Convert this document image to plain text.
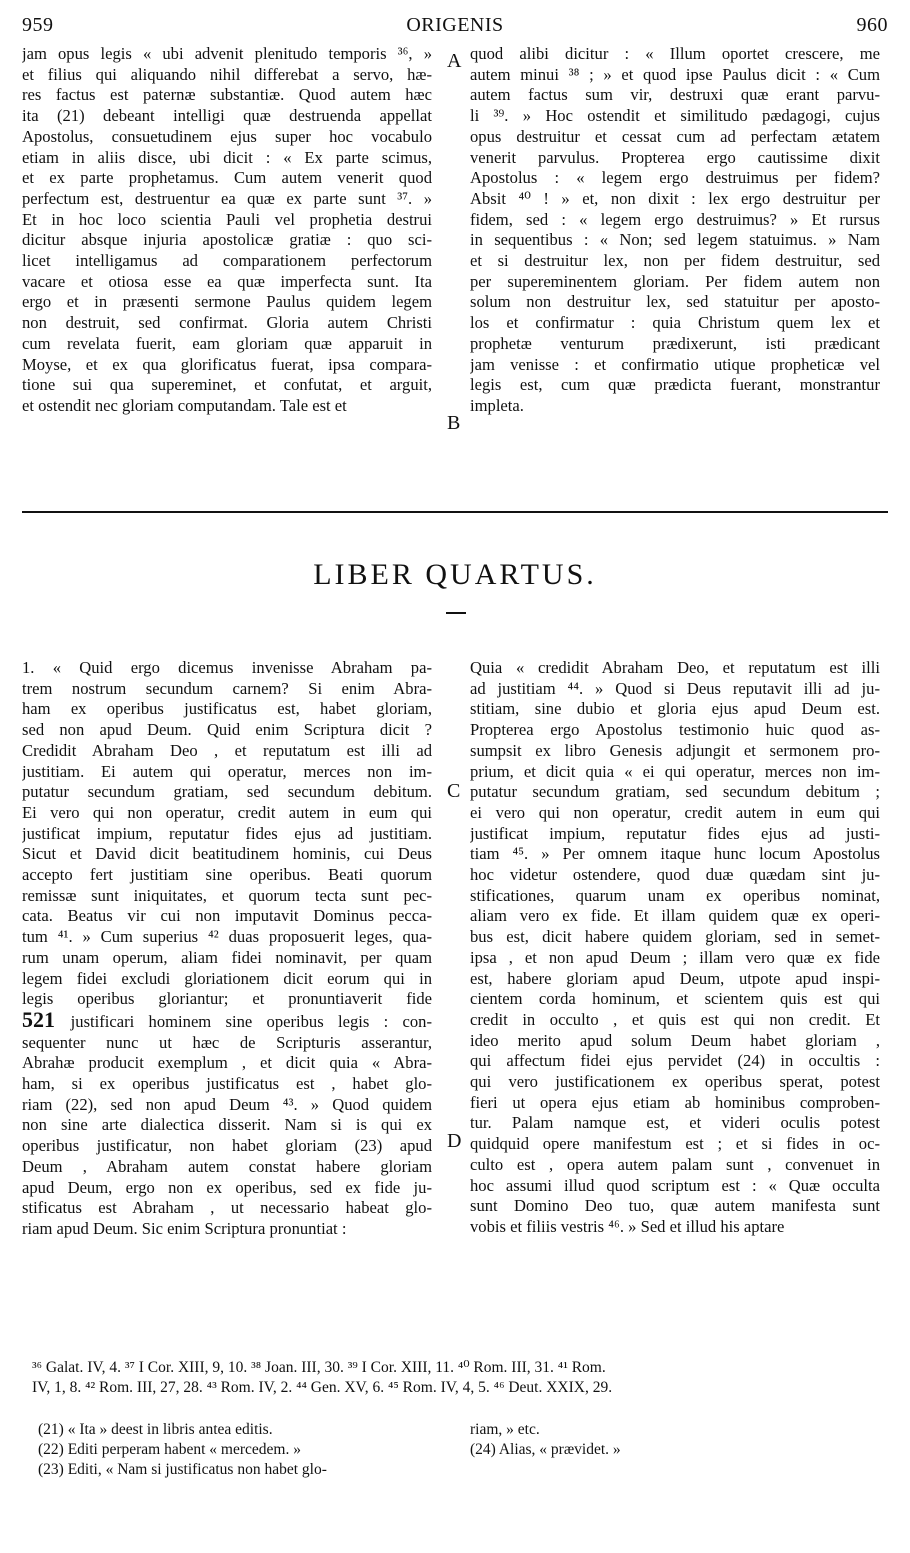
959	ORIGENIS	960
jam opus legis « ubi advenit plenitudo temporis ³⁶, »
et filius qui aliquando nihil differebat a servo, hæ-
res factus est paternæ substantiæ. Quod autem hæc
ita (21) debeant intelligi quæ destruenda appellat
Apostolus, consuetudinem ejus super hoc vocabulo
etiam in aliis disce, ubi dicit : « Ex parte scimus,
et ex parte prophetamus. Cum autem venerit quod
perfectum est, destruentur ea quæ ex parte sunt ³⁷. »
Et in hoc loco scientia Pauli vel prophetia destrui
dicitur absque injuria apostolicæ gratiæ : quo sci-
licet intelligamus ad comparationem perfectorum
vacare et otiosa esse ea quæ imperfecta sunt. Ita
ergo et in præsenti sermone Paulus quidem legem
non destruit, sed confirmat. Gloria autem Christi
cum revelata fuerit, eam gloriam quæ apparuit in
Moyse, et ex qua glorificatus fuerat, ipsa compara-
tione sui qua supereminet, et confutat, et arguit,
et ostendit nec gloriam computandam. Tale est et
quod alibi dicitur : « Illum oportet crescere, me
autem minui ³⁸ ; » et quod ipse Paulus dicit : « Cum
autem factus sum vir, destruxi quæ erant parvu-
li ³⁹. » Hoc ostendit et similitudo pædagogi, cujus
opus destruitur et cessat cum ad perfectam ætatem
venerit parvulus. Propterea ergo cautissime dixit
Apostolus : « legem ergo destruimus per fidem?
Absit ⁴⁰ ! » et, non dixit : lex ergo destruitur per
fidem, sed : « legem ergo destruimus? » Et rursus
in sequentibus : « Non; sed legem statuimus. » Nam
et si destruitur lex, non per fidem destruitur, sed
per supereminentem gloriam. Per fidem autem non
solum non destruitur lex, sed statuitur per aposto-
los et confirmatur : quia Christum quem lex et
prophetæ venturum prædixerunt, isti prædicant
jam venisse : et confirmatio utique propheticæ vel
legis est, cum quæ prædicta fuerant, monstrantur
impleta.
A
B
C
D
LIBER QUARTUS.
1. « Quid ergo dicemus invenisse Abraham pa-
trem nostrum secundum carnem? Si enim Abra-
ham ex operibus justificatus est, habet gloriam,
sed non apud Deum. Quid enim Scriptura dicit ?
Credidit Abraham Deo , et reputatum est illi ad
justitiam. Ei autem qui operatur, merces non im-
putatur secundum gratiam, sed secundum debitum.
Ei vero qui non operatur, credit autem in eum qui
justificat impium, reputatur fides ejus ad justitiam.
Sicut et David dicit beatitudinem hominis, cui Deus
accepto fert justitiam sine operibus. Beati quorum
remissæ sunt iniquitates, et quorum tecta sunt pec-
cata. Beatus vir cui non imputavit Dominus pecca-
tum ⁴¹. » Cum superius ⁴² duas proposuerit leges, qua-
rum unam operum, aliam fidei nominavit, per quam
legem fidei excludi gloriationem dicit eorum qui in
legis operibus gloriantur; et pronuntiaverit fide
521 justificari hominem sine operibus legis : con-
sequenter nunc ut hæc de Scripturis asserantur,
Abrahæ producit exemplum , et dicit quia « Abra-
ham, si ex operibus justificatus est , habet glo-
riam (22), sed non apud Deum ⁴³. » Quod quidem
non sine arte dialectica disserit. Nam si is qui ex
operibus justificatur, non habet gloriam (23) apud
Deum , Abraham autem constat habere gloriam
apud Deum, ergo non ex operibus, sed ex fide ju-
stificatus est Abraham , ut necessario habeat glo-
riam apud Deum. Sic enim Scriptura pronuntiat :
Quia « credidit Abraham Deo, et reputatum est illi
ad justitiam ⁴⁴. » Quod si Deus reputavit illi ad ju-
stitiam, sine dubio et gloria ejus apud Deum est.
Propterea ergo Apostolus testimonio huic quod as-
sumpsit ex libro Genesis adjungit et sermonem pro-
prium, et dicit quia « ei qui operatur, merces non im-
putatur secundum gratiam, sed secundum debitum ;
ei vero qui non operatur, credit autem in eum qui
justificat impium, reputatur fides ejus ad justi-
tiam ⁴⁵. » Per omnem itaque hunc locum Apostolus
hoc videtur ostendere, quod duæ quædam sint ju-
stificationes, quarum unam ex operibus nominat,
aliam vero ex fide. Et illam quidem quæ ex operi-
bus est, dicit habere quidem gloriam, sed in semet-
ipsa , et non apud Deum ; illam vero quæ ex fide
est, habere gloriam apud Deum, utpote apud inspi-
cientem corda hominum, et scientem quis est qui
credit in occulto , et quis est qui non credit. Et
ideo merito apud solum Deum habet gloriam ,
qui affectum fidei ejus pervidet (24) in occultis :
qui vero justificationem ex operibus sperat, potest
fieri ut opera ejus etiam ab hominibus comproben-
tur. Palam namque est, et videri oculis potest
quidquid opere manifestum est ; et si fides in oc-
culto est , opera autem palam sunt , convenuet in
hoc assumi illud quod scriptum est : « Quæ occulta
sunt Domino Deo tuo, quæ autem manifesta sunt
vobis et filiis vestris ⁴⁶. » Sed et illud his aptare
³⁶ Galat. IV, 4. ³⁷ I Cor. XIII, 9, 10. ³⁸ Joan. III, 30. ³⁹ I Cor. XIII, 11. ⁴⁰ Rom. III, 31. ⁴¹ Rom.
IV, 1, 8. ⁴² Rom. III, 27, 28. ⁴³ Rom. IV, 2. ⁴⁴ Gen. XV, 6. ⁴⁵ Rom. IV, 4, 5. ⁴⁶ Deut. XXIX, 29.
(21) « Ita » deest in libris antea editis.
(22) Editi perperam habent « mercedem. »
(23) Editi, « Nam si justificatus non habet glo-
riam, » etc.
(24) Alias, « prævidet. »
